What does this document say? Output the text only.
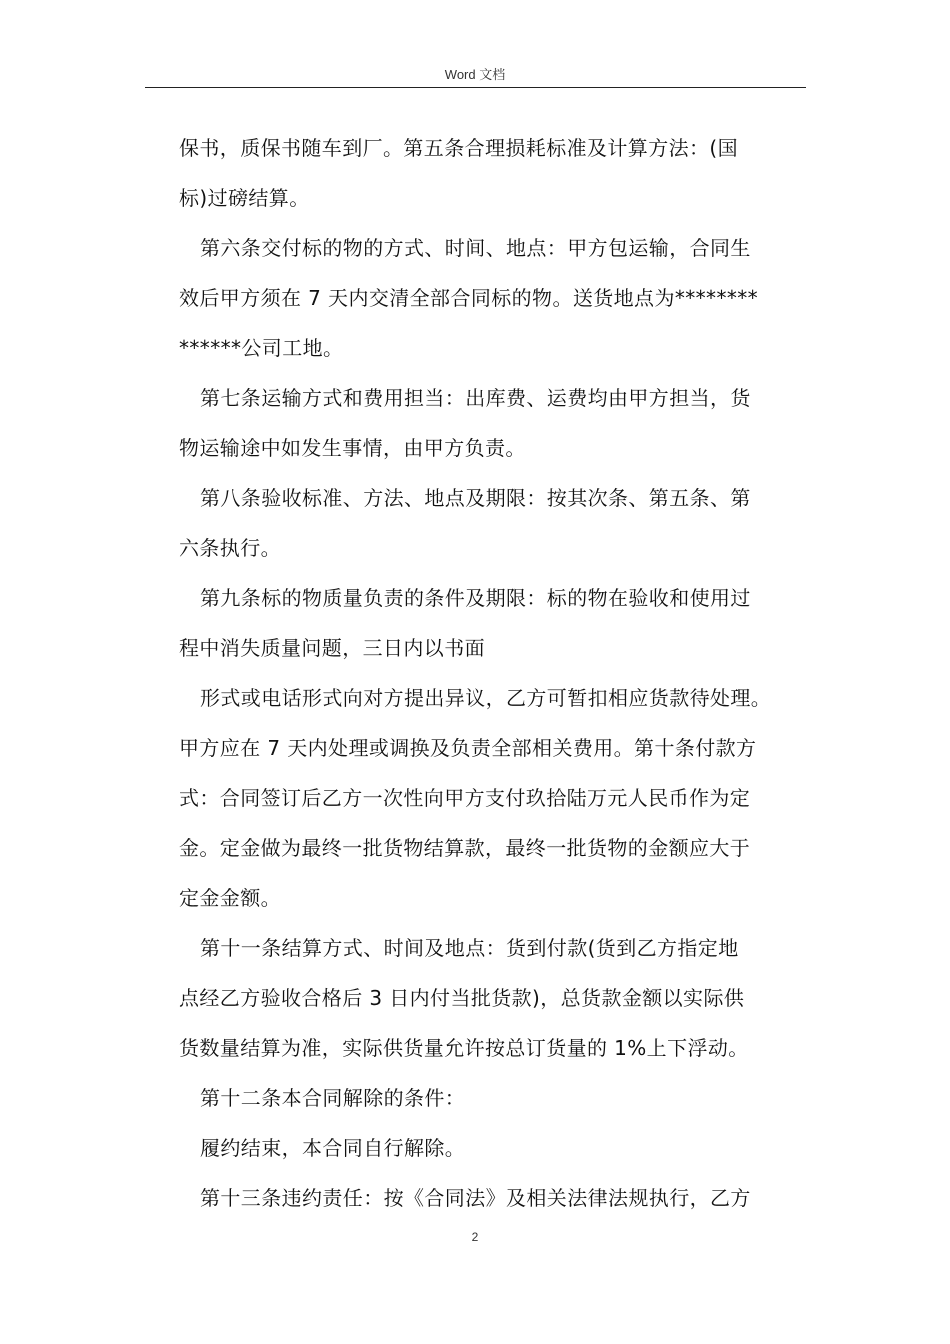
Word 文档
保书，质保书随车到厂。第五条合理损耗标准及计算方法：(国
标)过磅结算。
第六条交付标的物的方式、时间、地点：甲方包运输，合同生
效后甲方须在 7 天内交清全部合同标的物。送货地点为********
******公司工地。
第七条运输方式和费用担当：出库费、运费均由甲方担当，货
物运输途中如发生事情，由甲方负责。
第八条验收标准、方法、地点及期限：按其次条、第五条、第
六条执行。
第九条标的物质量负责的条件及期限：标的物在验收和使用过
程中消失质量问题，三日内以书面
形式或电话形式向对方提出异议，乙方可暂扣相应货款待处理。
甲方应在 7 天内处理或调换及负责全部相关费用。第十条付款方
式：合同签订后乙方一次性向甲方支付玖拾陆万元人民币作为定
金。定金做为最终一批货物结算款，最终一批货物的金额应大于
定金金额。
第十一条结算方式、时间及地点：货到付款(货到乙方指定地
点经乙方验收合格后 3 日内付当批货款)，总货款金额以实际供
货数量结算为准，实际供货量允许按总订货量的 1%上下浮动。
第十二条本合同解除的条件：
履约结束，本合同自行解除。
第十三条违约责任：按《合同法》及相关法律法规执行，乙方
2
